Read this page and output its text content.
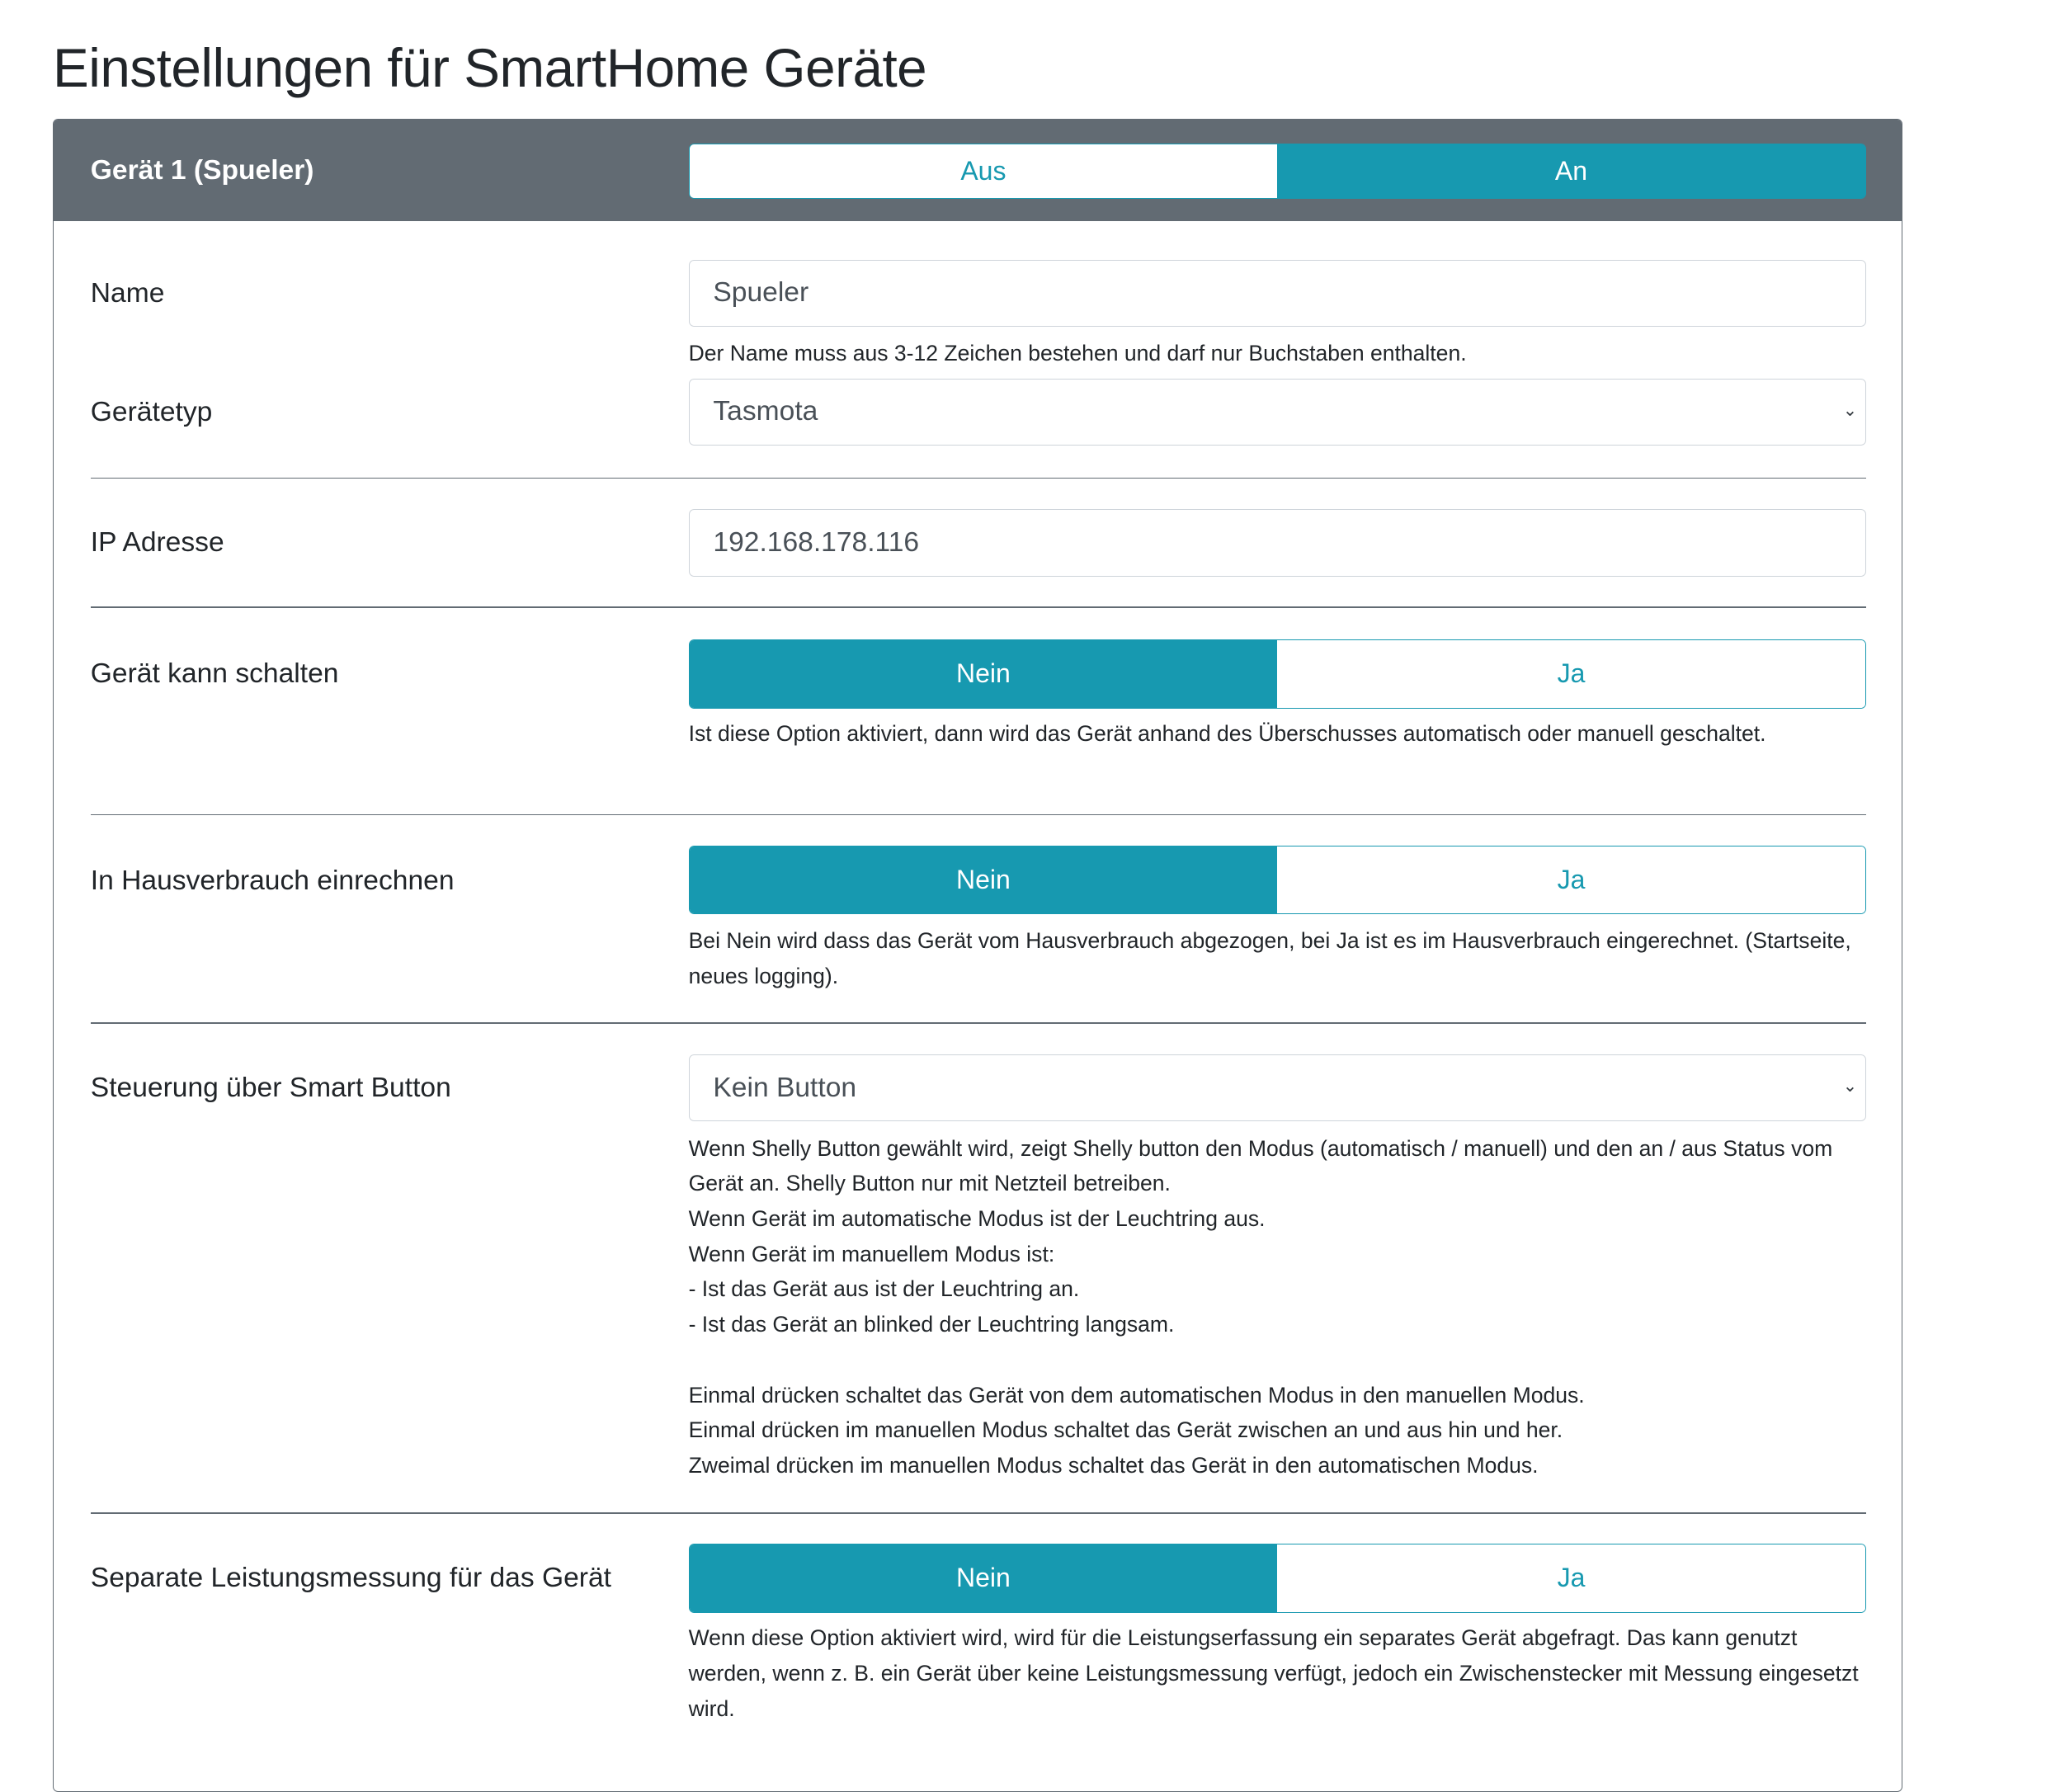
Einstellungen für SmartHome Geräte
Gerät 1 (Spueler)	Aus	An
Name	Spueler
Der Name muss aus 3-12 Zeichen bestehen und darf nur Buchstaben enthalten.
Gerätetyp	Tasmota	⌄
IP Adresse	192.168.178.116
Gerät kann schalten	Nein	Ja
Ist diese Option aktiviert, dann wird das Gerät anhand des Überschusses automatisch oder manuell geschaltet.
In Hausverbrauch einrechnen	Nein	Ja
Bei Nein wird dass das Gerät vom Hausverbrauch abgezogen, bei Ja ist es im Hausverbrauch eingerechnet. (Startseite, neues logging).
Steuerung über Smart Button	Kein Button	⌄
Wenn Shelly Button gewählt wird, zeigt Shelly button den Modus (automatisch / manuell) und den an / aus Status vom Gerät an. Shelly Button nur mit Netzteil betreiben.
Wenn Gerät im automatische Modus ist der Leuchtring aus.
Wenn Gerät im manuellem Modus ist:
- Ist das Gerät aus ist der Leuchtring an.
- Ist das Gerät an blinked der Leuchtring langsam.
Einmal drücken schaltet das Gerät von dem automatischen Modus in den manuellen Modus.
Einmal drücken im manuellen Modus schaltet das Gerät zwischen an und aus hin und her.
Zweimal drücken im manuellen Modus schaltet das Gerät in den automatischen Modus.
Separate Leistungsmessung für das Gerät	Nein	Ja
Wenn diese Option aktiviert wird, wird für die Leistungserfassung ein separates Gerät abgefragt. Das kann genutzt werden, wenn z. B. ein Gerät über keine Leistungsmessung verfügt, jedoch ein Zwischenstecker mit Messung eingesetzt wird.
